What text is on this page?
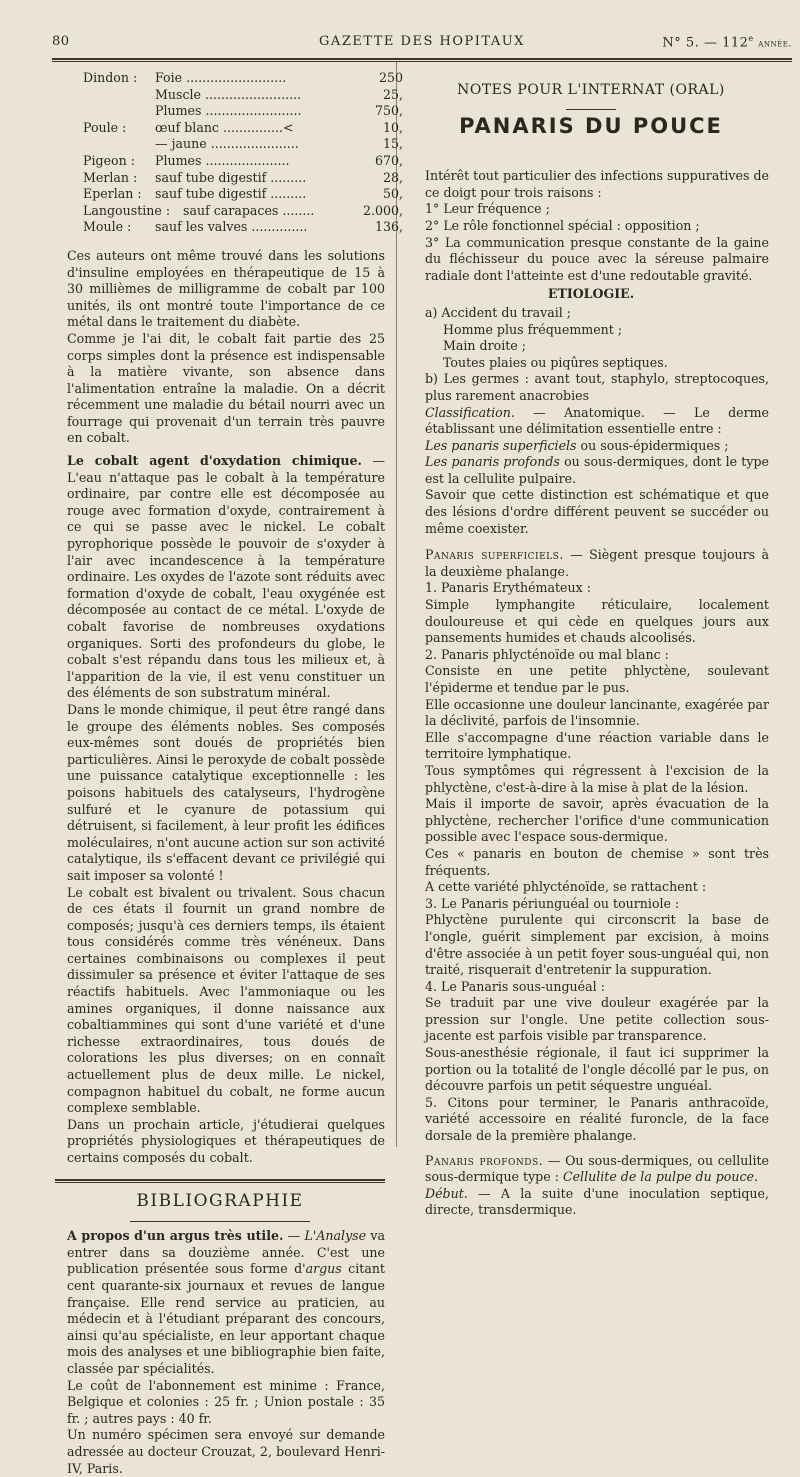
80	GAZETTE DES HOPITAUX	N° 5. — 112e année.
Dindon :	Foie .........................	250
Muscle ........................	25,
Plumes ........................	750,
Poule :	œuf blanc ...............<	10,
— jaune ......................	15,
Pigeon :	Plumes .....................	670,
Merlan :	sauf tube digestif .........	28,
Eperlan :	sauf tube digestif .........	50,
Langoustine :	sauf carapaces ........	2.000,
Moule :	sauf les valves ..............	136,

Ces auteurs ont même trouvé dans les solutions d'insuline employées en thérapeutique de 15 à 30 millièmes de milligramme de cobalt par 100 unités, ils ont montré toute l'importance de ce métal dans le traitement du diabète.

Comme je l'ai dit, le cobalt fait partie des 25 corps simples dont la présence est indispensable à la matière vivante, son absence dans l'alimentation entraîne la maladie. On a décrit récemment une maladie du bétail nourri avec un fourrage qui provenait d'un terrain très pauvre en cobalt.

Le cobalt agent d'oxydation chimique. — L'eau n'attaque pas le cobalt à la température ordinaire, par contre elle est décomposée au rouge avec formation d'oxyde, contrairement à ce qui se passe avec le nickel. Le cobalt pyrophorique possède le pouvoir de s'oxyder à l'air avec incandescence à la température ordinaire. Les oxydes de l'azote sont réduits avec formation d'oxyde de cobalt, l'eau oxygénée est décomposée au contact de ce métal. L'oxyde de cobalt favorise de nombreuses oxydations organiques. Sorti des profondeurs du globe, le cobalt s'est répandu dans tous les milieux et, à l'apparition de la vie, il est venu constituer un des éléments de son substratum minéral.

Dans le monde chimique, il peut être rangé dans le groupe des éléments nobles. Ses composés eux-mêmes sont doués de propriétés bien particulières. Ainsi le peroxyde de cobalt possède une puissance catalytique exceptionnelle : les poisons habituels des catalyseurs, l'hydrogène sulfuré et le cyanure de potassium qui détruisent, si facilement, à leur profit les édifices moléculaires, n'ont aucune action sur son activité catalytique, ils s'effacent devant ce privilégié qui sait imposer sa volonté !

Le cobalt est bivalent ou trivalent. Sous chacun de ces états il fournit un grand nombre de composés; jusqu'à ces derniers temps, ils étaient tous considérés comme très vénéneux. Dans certaines combinaisons ou complexes il peut dissimuler sa présence et éviter l'attaque de ses réactifs habituels. Avec l'ammoniaque ou les amines organiques, il donne naissance aux cobaltiammines qui sont d'une variété et d'une richesse extraordinaires, tous doués de colorations les plus diverses; on en connaît actuellement plus de deux mille. Le nickel, compagnon habituel du cobalt, ne forme aucun complexe semblable.

Dans un prochain article, j'étudierai quelques propriétés physiologiques et thérapeutiques de certains composés du cobalt.

BIBLIOGRAPHIE

A propos d'un argus très utile. — L'Analyse va entrer dans sa douzième année. C'est une publication présentée sous forme d'argus citant cent quarante-six journaux et revues de langue française. Elle rend service au praticien, au médecin et à l'étudiant préparant des concours, ainsi qu'au spécialiste, en leur apportant chaque mois des analyses et une bibliographie bien faite, classée par spécialités.

Le coût de l'abonnement est minime : France, Belgique et colonies : 25 fr. ; Union postale : 35 fr. ; autres pays : 40 fr.

Un numéro spécimen sera envoyé sur demande adressée au docteur Crouzat, 2, boulevard Henri-IV, Paris.

NOTES POUR L'INTERNAT (ORAL)
PANARIS DU POUCE

Intérêt tout particulier des infections suppuratives de ce doigt pour trois raisons :

1° Leur fréquence ;

2° Le rôle fonctionnel spécial : opposition ;

3° La communication presque constante de la gaine du fléchisseur du pouce avec la séreuse palmaire radiale dont l'atteinte est d'une redoutable gravité.

ETIOLOGIE.

a) Accident du travail ;

Homme plus fréquemment ;

Main droite ;

Toutes plaies ou piqûres septiques.

b) Les germes : avant tout, staphylo, streptocoques, plus rarement anacrobies

Classification. — Anatomique. — Le derme établissant une délimitation essentielle entre :

Les panaris superficiels ou sous-épidermiques ;

Les panaris profonds ou sous-dermiques, dont le type est la cellulite pulpaire.

Savoir que cette distinction est schématique et que des lésions d'ordre différent peuvent se succéder ou même coexister.

Panaris superficiels. — Siègent presque toujours à la deuxième phalange.

1. Panaris Erythémateux :

Simple lymphangite réticulaire, localement douloureuse et qui cède en quelques jours aux pansements humides et chauds alcoolisés.

2. Panaris phlycténoïde ou mal blanc :

Consiste en une petite phlyctène, soulevant l'épiderme et tendue par le pus.

Elle occasionne une douleur lancinante, exagérée par la déclivité, parfois de l'insomnie.

Elle s'accompagne d'une réaction variable dans le territoire lymphatique.

Tous symptômes qui régressent à l'excision de la phlyctène, c'est-à-dire à la mise à plat de la lésion.

Mais il importe de savoir, après évacuation de la phlyctène, rechercher l'orifice d'une communication possible avec l'espace sous-dermique.

Ces « panaris en bouton de chemise » sont très fréquents.

A cette variété phlycténoïde, se rattachent :

3. Le Panaris périunguéal ou tourniole :

Phlyctène purulente qui circonscrit la base de l'ongle, guérit simplement par excision, à moins d'être associée à un petit foyer sous-unguéal qui, non traité, risquerait d'entretenir la suppuration.

4. Le Panaris sous-unguéal :

Se traduit par une vive douleur exagérée par la pression sur l'ongle. Une petite collection sous-jacente est parfois visible par transparence.

Sous-anesthésie régionale, il faut ici supprimer la portion ou la totalité de l'ongle décollé par le pus, on découvre parfois un petit séquestre unguéal.

5. Citons pour terminer, le Panaris anthracoïde, variété accessoire en réalité furoncle, de la face dorsale de la première phalange.

Panaris profonds. — Ou sous-dermiques, ou cellulite sous-dermique type : Cellulite de la pulpe du pouce.

Début. — A la suite d'une inoculation septique, directe, transdermique.
